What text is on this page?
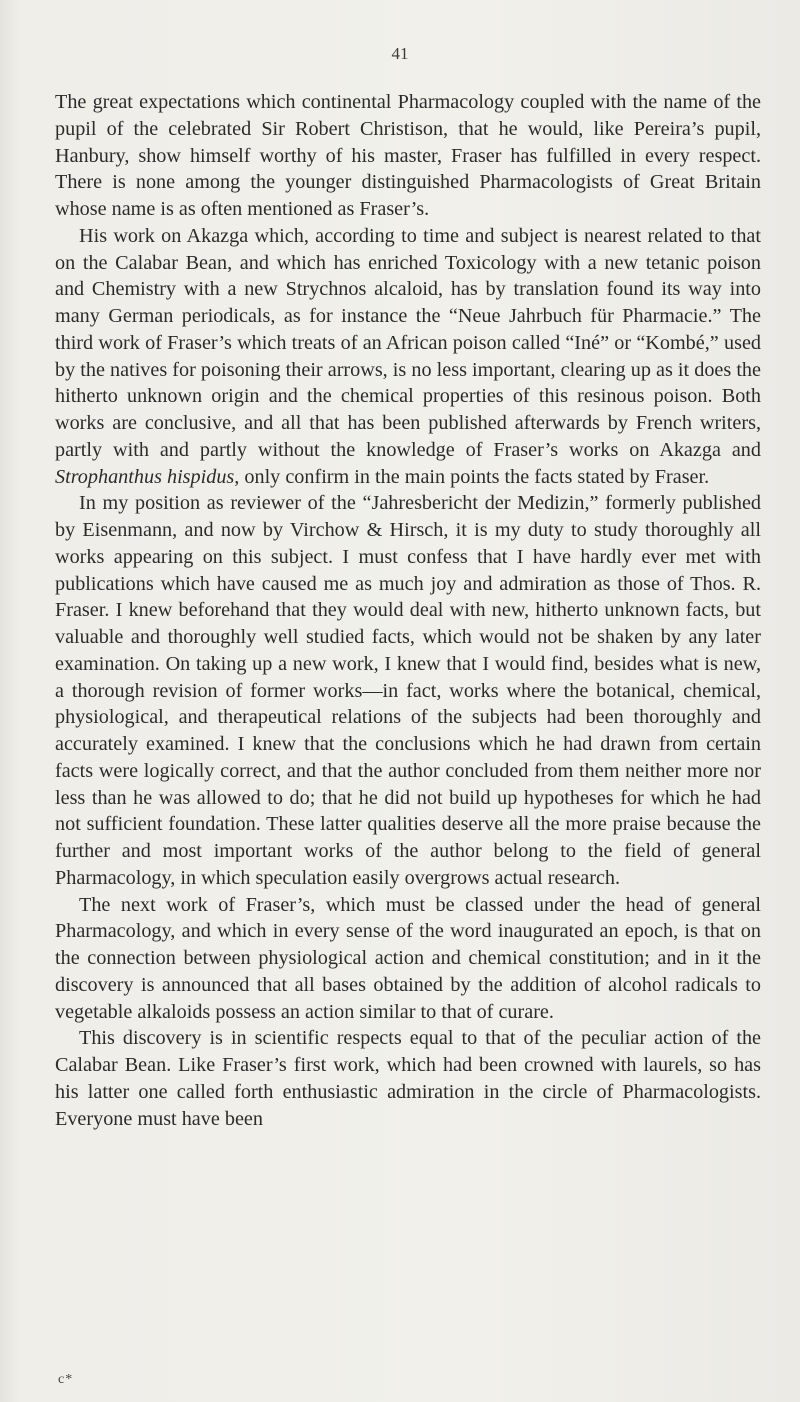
41

The great expectations which continental Pharmacology coupled with the name of the pupil of the celebrated Sir Robert Christison, that he would, like Pereira’s pupil, Hanbury, show himself worthy of his master, Fraser has fulfilled in every respect. There is none among the younger distinguished Pharmacologists of Great Britain whose name is as often mentioned as Fraser’s.

His work on Akazga which, according to time and subject is nearest related to that on the Calabar Bean, and which has enriched Toxicology with a new tetanic poison and Chemistry with a new Strychnos alcaloid, has by translation found its way into many German periodicals, as for instance the “Neue Jahrbuch für Pharmacie.” The third work of Fraser’s which treats of an African poison called “Iné” or “Kombé,” used by the natives for poisoning their arrows, is no less important, clearing up as it does the hitherto unknown origin and the chemical properties of this resinous poison. Both works are conclusive, and all that has been published afterwards by French writers, partly with and partly without the knowledge of Fraser’s works on Akazga and Strophanthus hispidus, only confirm in the main points the facts stated by Fraser.

In my position as reviewer of the “Jahresbericht der Medizin,” formerly published by Eisenmann, and now by Virchow & Hirsch, it is my duty to study thoroughly all works appearing on this subject. I must confess that I have hardly ever met with publications which have caused me as much joy and admiration as those of Thos. R. Fraser. I knew beforehand that they would deal with new, hitherto unknown facts, but valuable and thoroughly well studied facts, which would not be shaken by any later examination. On taking up a new work, I knew that I would find, besides what is new, a thorough revision of former works—in fact, works where the botanical, chemical, physiological, and therapeutical relations of the subjects had been thoroughly and accurately examined. I knew that the conclusions which he had drawn from certain facts were logically correct, and that the author concluded from them neither more nor less than he was allowed to do; that he did not build up hypotheses for which he had not sufficient foundation. These latter qualities deserve all the more praise because the further and most important works of the author belong to the field of general Pharmacology, in which speculation easily overgrows actual research.

The next work of Fraser’s, which must be classed under the head of general Pharmacology, and which in every sense of the word inaugurated an epoch, is that on the connection between physiological action and chemical constitution; and in it the discovery is announced that all bases obtained by the addition of alcohol radicals to vegetable alkaloids possess an action similar to that of curare.

This discovery is in scientific respects equal to that of the peculiar action of the Calabar Bean. Like Fraser’s first work, which had been crowned with laurels, so has his latter one called forth enthusiastic admiration in the circle of Pharmacologists. Everyone must have been

c*
